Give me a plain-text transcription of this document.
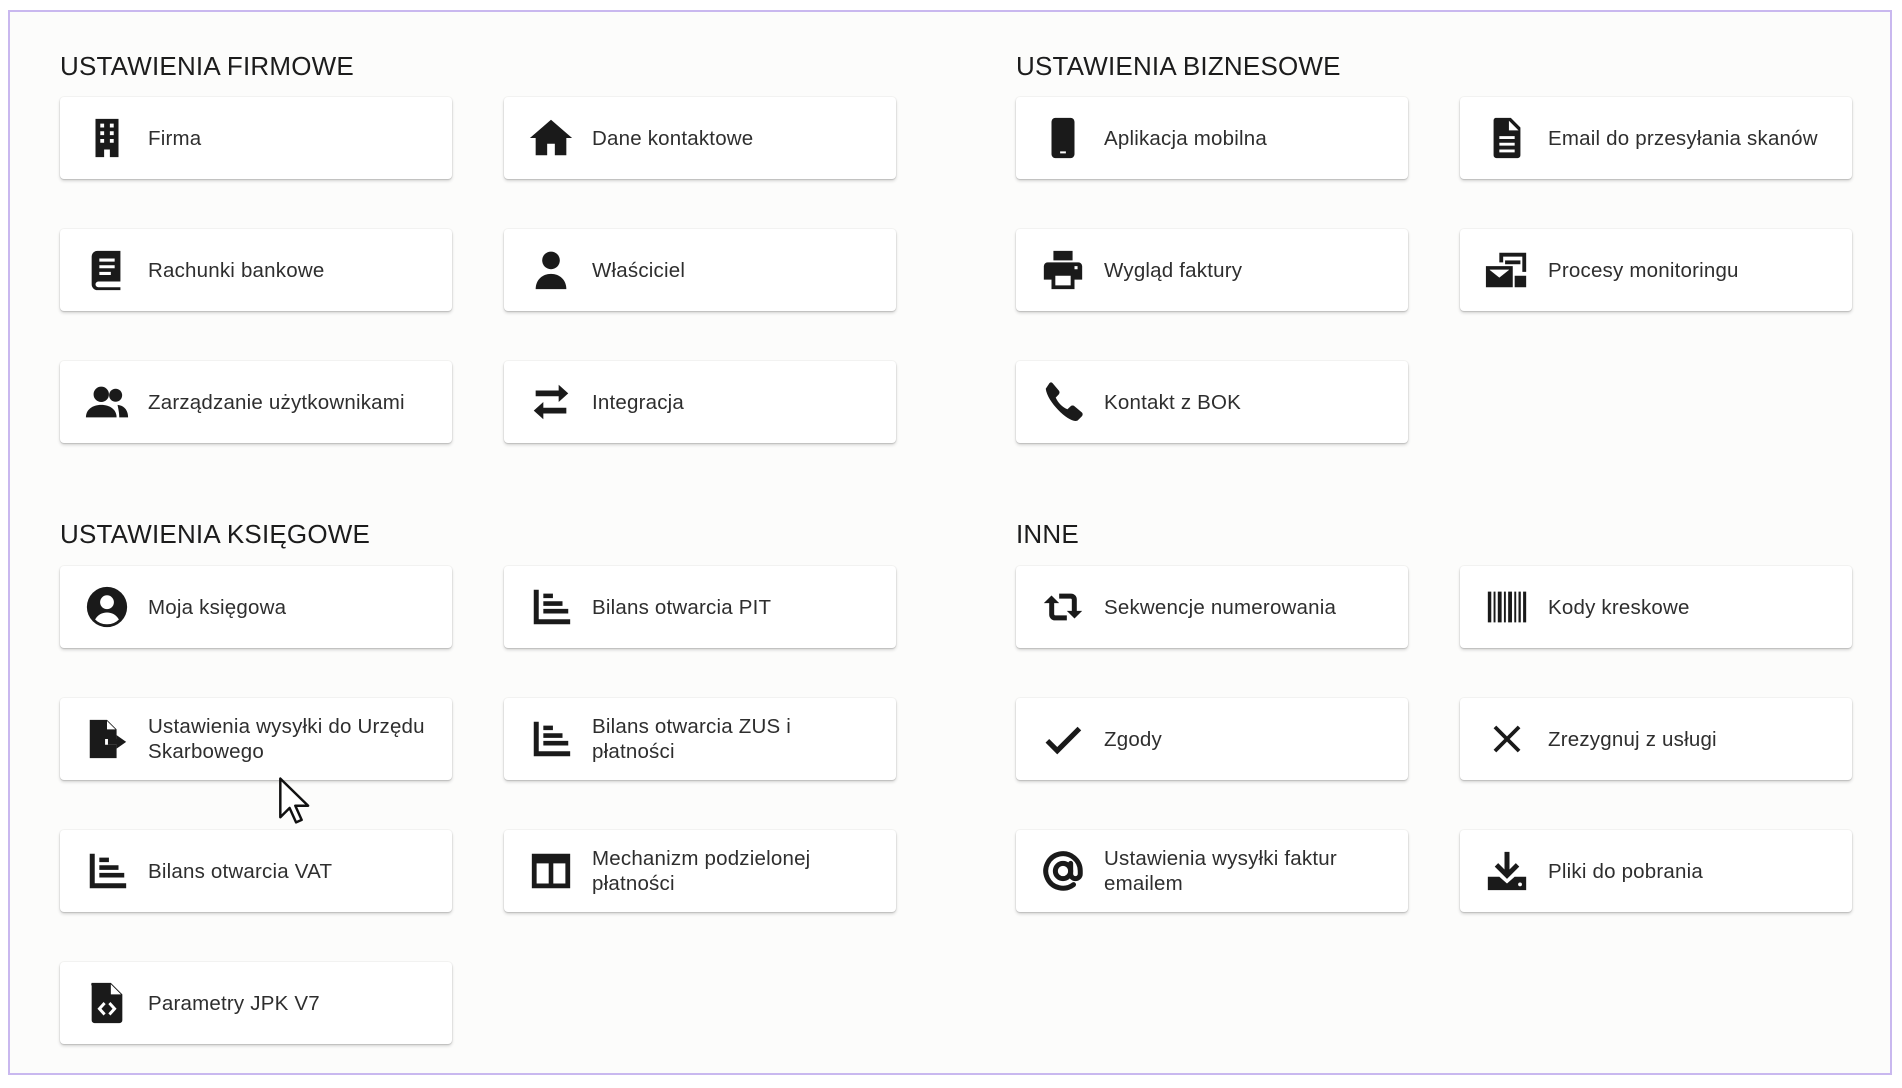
USTAWIENIA FIRMOWE	USTAWIENIA BIZNESOWE
USTAWIENIA KSIĘGOWE	INNE
Firma	Dane kontaktowe
Rachunki bankowe	Właściciel
Zarządzanie użytkownikami	Integracja
Aplikacja mobilna	Email do przesyłania skanów
Wygląd faktury	Procesy monitoringu
Kontakt z BOK
Moja księgowa	Bilans otwarcia PIT
Ustawienia wysyłki do Urzędu Skarbowego
Bilans otwarcia ZUS i płatności
Bilans otwarcia VAT
Mechanizm podzielonej płatności
Parametry JPK V7
Sekwencje numerowania	Kody kreskowe
Zgody	Zrezygnuj z usługi
Ustawienia wysyłki faktur emailem
Pliki do pobrania
